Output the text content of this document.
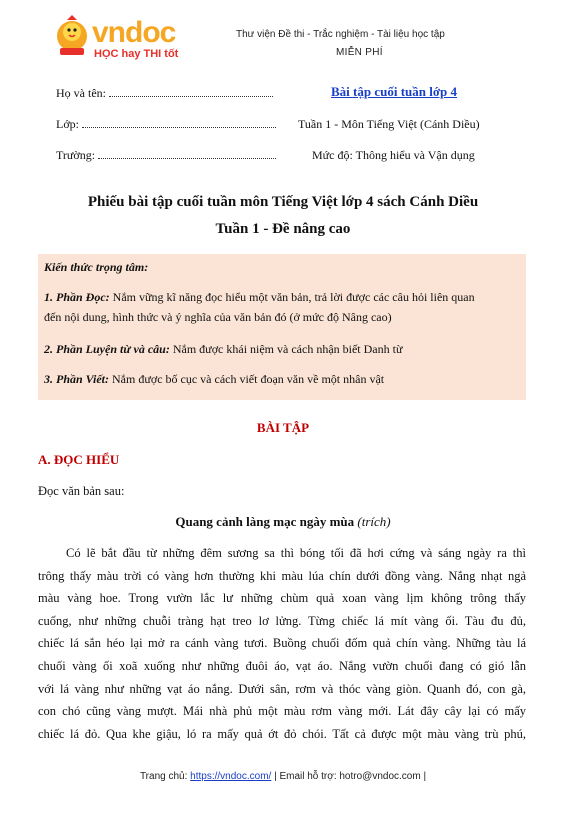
vndoc
HỌC hay THI tốt
Thư viện Đề thi - Trắc nghiệm - Tài liệu học tập
MIỄN PHÍ
Họ và tên:
Lớp:
Trường:
Bài tập cuối tuần lớp 4
Tuần 1 - Môn Tiếng Việt (Cánh Diều)
Mức độ: Thông hiểu và Vận dụng
Phiếu bài tập cuối tuần môn Tiếng Việt lớp 4 sách Cánh Diều
Tuần 1 - Đề nâng cao
Kiến thức trọng tâm:
1. Phần Đọc: Nắm vững kĩ năng đọc hiểu một văn bản, trả lời được các câu hỏi liên quan
đến nội dung, hình thức và ý nghĩa của văn bản đó (ở mức độ Nâng cao)
2. Phần Luyện từ và câu: Nắm được khái niệm và cách nhận biết Danh từ
3. Phần Viết: Nắm được bố cục và cách viết đoạn văn về một nhân vật
BÀI TẬP
A. ĐỌC HIỂU
Đọc văn bản sau:
Quang cảnh làng mạc ngày mùa (trích)
Có lẽ bắt đầu từ những đêm sương sa thì bóng tối đã hơi cứng và sáng ngày ra thì
trông thấy màu trời có vàng hơn thường khi màu lúa chín dưới đồng vàng. Nắng nhạt ngả
màu vàng hoe. Trong vườn lắc lư những chùm quả xoan vàng lịm không trông thấy
cuống, như những chuỗi tràng hạt treo lơ lửng. Từng chiếc lá mít vàng ối. Tàu đu đủ,
chiếc lá sắn héo lại mở ra cánh vàng tươi. Buồng chuối đốm quả chín vàng. Những tàu lá
chuối vàng ối xoã xuống như những đuôi áo, vạt áo. Nắng vườn chuối đang có gió lẫn
với lá vàng như những vạt áo nắng. Dưới sân, rơm và thóc vàng giòn. Quanh đó, con gà,
con chó cũng vàng mượt. Mái nhà phủ một màu rơm vàng mới. Lát đây cây lại có mấy
chiếc lá đỏ. Qua khe giậu, ló ra mấy quả ớt đỏ chói. Tất cả được một màu vàng trù phú,
Trang chủ: https://vndoc.com/ | Email hỗ trợ: hotro@vndoc.com |
